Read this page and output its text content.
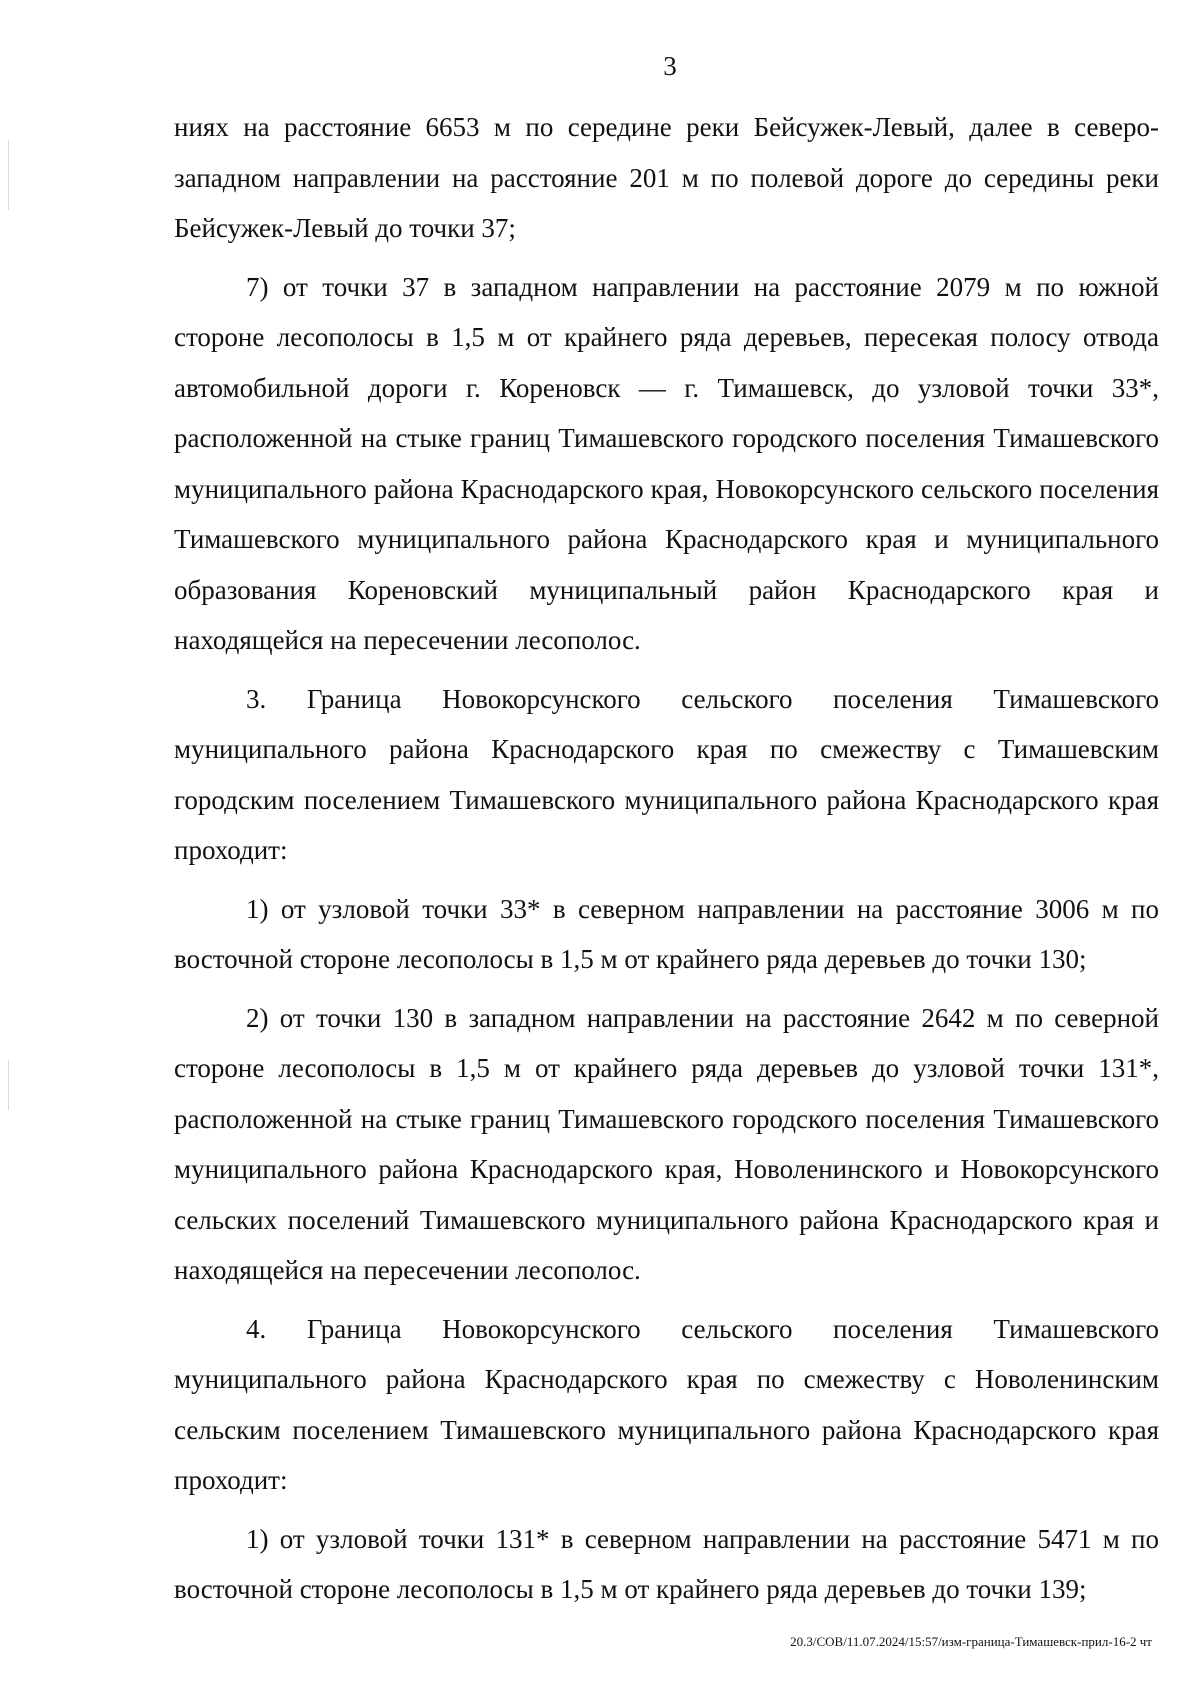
3

ниях на расстояние 6653 м по середине реки Бейсужек-Левый, далее в северо-западном направлении на расстояние 201 м по полевой дороге до середины реки Бейсужек-Левый до точки 37;

7) от точки 37 в западном направлении на расстояние 2079 м по южной стороне лесополосы в 1,5 м от крайнего ряда деревьев, пересекая полосу отвода автомобильной дороги г. Кореновск — г. Тимашевск, до узловой точки 33*, расположенной на стыке границ Тимашевского городского поселения Тимашевского муниципального района Краснодарского края, Новокорсунского сельского поселения Тимашевского муниципального района Краснодарского края и муниципального образования Кореновский муниципальный район Краснодарского края и находящейся на пересечении лесополос.

3. Граница Новокорсунского сельского поселения Тимашевского муниципального района Краснодарского края по смежеству с Тимашевским городским поселением Тимашевского муниципального района Краснодарского края проходит:

1) от узловой точки 33* в северном направлении на расстояние 3006 м по восточной стороне лесополосы в 1,5 м от крайнего ряда деревьев до точки 130;

2) от точки 130 в западном направлении на расстояние 2642 м по северной стороне лесополосы в 1,5 м от крайнего ряда деревьев до узловой точки 131*, расположенной на стыке границ Тимашевского городского поселения Тимашевского муниципального района Краснодарского края, Новоленинского и Новокорсунского сельских поселений Тимашевского муниципального района Краснодарского края и находящейся на пересечении лесополос.

4. Граница Новокорсунского сельского поселения Тимашевского муниципального района Краснодарского края по смежеству с Новоленинским сельским поселением Тимашевского муниципального района Краснодарского края проходит:

1) от узловой точки 131* в северном направлении на расстояние 5471 м по восточной стороне лесополосы в 1,5 м от крайнего ряда деревьев до точки 139;

20.3/СОВ/11.07.2024/15:57/изм-граница-Тимашевск-прил-16-2 чт
